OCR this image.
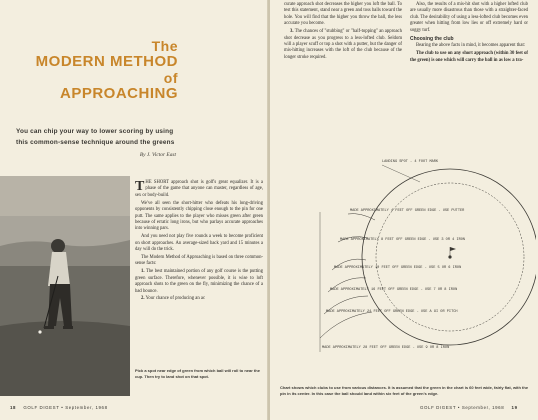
The
MODERN METHOD
of
APPROACHING
You can chip your way to lower scoring by using this common-sense technique around the greens
By J. Victor East

THE SHORT approach shot is golf's great equalizer. It is a phase of the game that anyone can master, regardless of age, sex or body-build.

We've all seen the short-hitter who defeats his long-driving opponents by consistently chipping close enough to the pin for one putt. The same applies to the player who misses green after green because of erratic long irons, but who parlays accurate approaches into winning pars.

And you need not play five rounds a week to become proficient on short approaches. An average-sized back yard and 15 minutes a day will do the trick.

The Modern Method of Approaching is based on three common-sense facts:

1. The best maintained portion of any golf course is the putting green surface. Therefore, whenever possible, it is wise to loft approach shots to the green on the fly, minimizing the chance of a bad bounce.

2. Your chance of producing an ac

Pick a spot near edge of green from which ball will roll to near the cup. Then try to land shot on that spot.
18 GOLF DIGEST • September, 1968

curate approach shot decreases the higher you loft the ball. To test this statement, stand near a green and toss balls toward the hole. You will find that the higher you throw the ball, the less accurate you become.

3. The chances of "stubbing" or "half-topping" an approach shot decrease as you progress to a less-lofted club. Seldom will a player scuff or top a shot with a putter, but the danger of mis-hitting increases with the loft of the club because of the longer stroke required.

Also, the results of a mis-hit shot with a higher lofted club are usually more disastrous than those with a straighter-faced club. The desirability of using a less-lofted club becomes even greater when hitting from low lies or off extremely hard or soggy turf.

Choosing the club

Bearing the above facts in mind, it becomes apparent that:

The club to use on any short approach (within 30 feet of the green) is one which will carry the ball in as low a tra-

LANDING SPOT - 4 FOOT MARK
MADE APPROXIMATELY 4 FEET OFF GREEN EDGE - USE PUTTER
MADE APPROXIMATELY 8 FEET OFF GREEN EDGE - USE 3 OR 4 IRON
MADE APPROXIMATELY 10 FEET OFF GREEN EDGE - USE 5 OR 6 IRON
MADE APPROXIMATELY 16 FEET OFF GREEN EDGE - USE 7 OR 8 IRON
MADE APPROXIMATELY 24 FEET OFF GREEN EDGE - USE A 9I OR PITCH
MADE APPROXIMATELY 28 FEET OFF GREEN EDGE - USE 9 OR 8 IRON
Chart shows which clubs to use from various distances. It is assumed that the green in the chart is 60 feet wide, fairly flat, with the pin in its center. In this case the ball should land within six feet of the green's edge.
GOLF DIGEST • September, 1968 19
